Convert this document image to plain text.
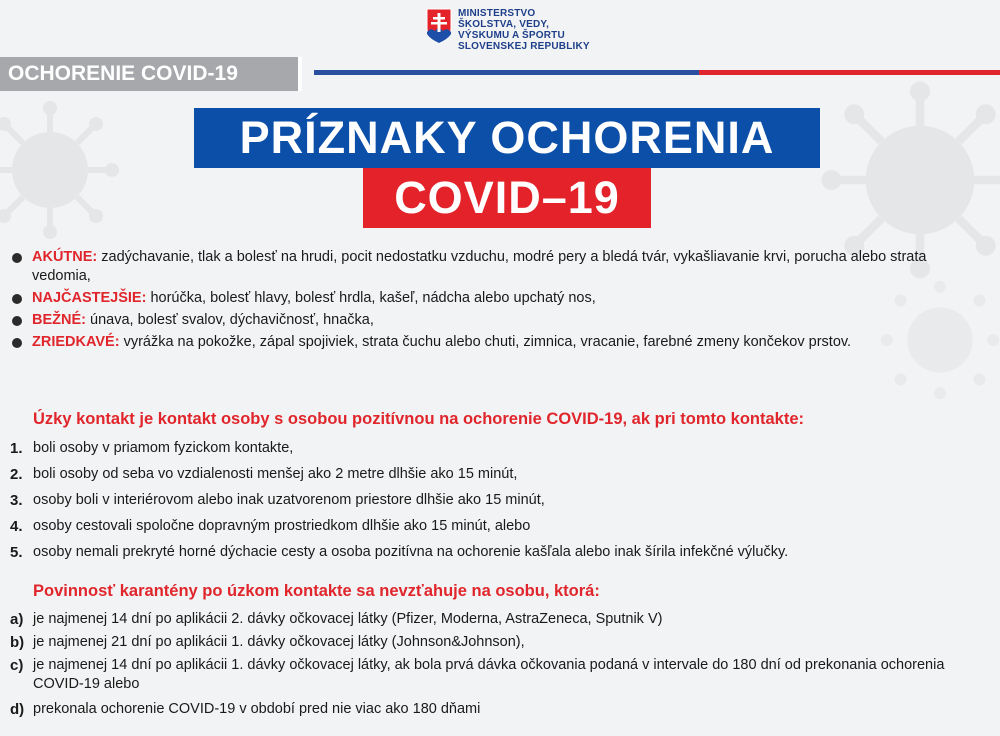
MINISTERSTVO
ŠKOLSTVA, VEDY,
VÝSKUMU A ŠPORTU
SLOVENSKEJ REPUBLIKY
OCHORENIE COVID-19
PRÍZNAKY OCHORENIA
COVID–19
AKÚTNE: zadýchavanie, tlak a bolesť na hrudi, pocit nedostatku vzduchu, modré pery a bledá tvár, vykašliavanie krvi, porucha alebo strata vedomia,
NAJČASTEJŠIE: horúčka, bolesť hlavy, bolesť hrdla, kašeľ, nádcha alebo upchatý nos,
BEŽNÉ: únava, bolesť svalov, dýchavičnosť, hnačka,
ZRIEDKAVÉ: vyrážka na pokožke, zápal spojiviek, strata čuchu alebo chuti, zimnica, vracanie, farebné zmeny končekov prstov.
Úzky kontakt je kontakt osoby s osobou pozitívnou na ochorenie COVID-19, ak pri tomto kontakte:
1. boli osoby v priamom fyzickom kontakte,
2. boli osoby od seba vo vzdialenosti menšej ako 2 metre dlhšie ako 15 minút,
3. osoby boli v interiérovom alebo inak uzatvorenom priestore dlhšie ako 15 minút,
4. osoby cestovali spoločne dopravným prostriedkom dlhšie ako 15 minút, alebo
5. osoby nemali prekryté horné dýchacie cesty a osoba pozitívna na ochorenie kašľala alebo inak šírila infekčné výlučky.
Povinnosť karantény po úzkom kontakte sa nevzťahuje na osobu, ktorá:
a) je najmenej 14 dní po aplikácii 2. dávky očkovacej látky (Pfizer, Moderna, AstraZeneca, Sputnik V)
b) je najmenej 21 dní po aplikácii 1. dávky očkovacej látky (Johnson&Johnson),
c) je najmenej 14 dní po aplikácii 1. dávky očkovacej látky, ak bola prvá dávka očkovania podaná v intervale do 180 dní od prekonania ochorenia COVID-19 alebo
d) prekonala ochorenie COVID-19 v období pred nie viac ako 180 dňami
